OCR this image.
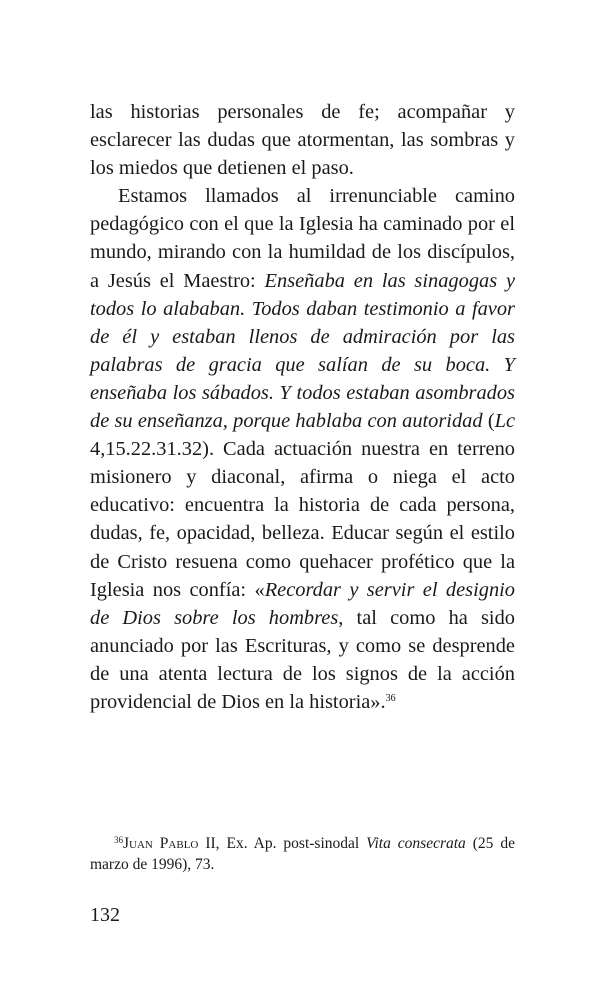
las historias personales de fe; acompañar y esclarecer las dudas que atormentan, las sombras y los miedos que detienen el paso.

Estamos llamados al irrenunciable camino pedagógico con el que la Iglesia ha caminado por el mundo, mirando con la humildad de los discípulos, a Jesús el Maestro: Enseñaba en las sinagogas y todos lo alababan. Todos daban testimonio a favor de él y estaban llenos de admiración por las palabras de gracia que salían de su boca. Y enseñaba los sábados. Y todos estaban asombrados de su enseñanza, porque hablaba con autoridad (Lc 4,15.22.31.32). Cada actuación nuestra en terreno misionero y diaconal, afirma o niega el acto educativo: encuentra la historia de cada persona, dudas, fe, opacidad, belleza. Educar según el estilo de Cristo resuena como quehacer profético que la Iglesia nos confía: «Recordar y servir el designio de Dios sobre los hombres, tal como ha sido anunciado por las Escrituras, y como se desprende de una atenta lectura de los signos de la acción providencial de Dios en la historia».$^{36}$

$^{36}$Juan Pablo II, Ex. Ap. post-sinodal Vita consecrata (25 de marzo de 1996), 73.

132
